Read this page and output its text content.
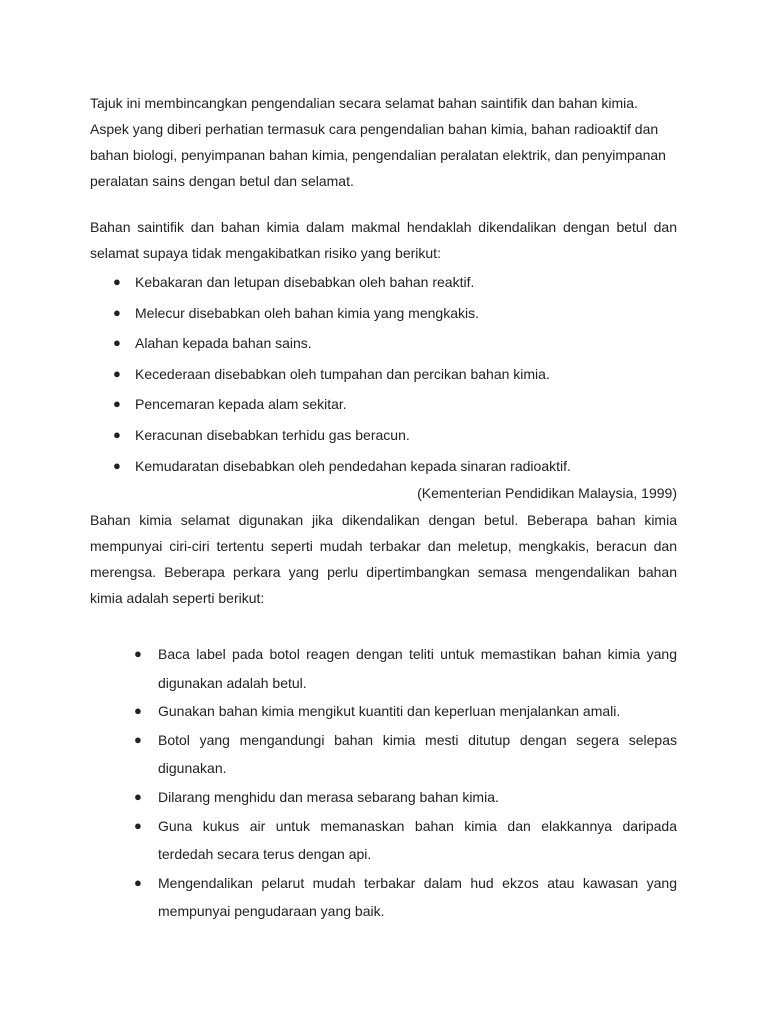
Tajuk ini membincangkan pengendalian secara selamat bahan saintifik dan bahan kimia. Aspek yang diberi perhatian termasuk cara pengendalian bahan kimia, bahan radioaktif dan bahan biologi, penyimpanan bahan kimia, pengendalian peralatan elektrik, dan penyimpanan peralatan sains dengan betul dan selamat.

Bahan saintifik dan bahan kimia dalam makmal hendaklah dikendalikan dengan betul dan selamat supaya tidak mengakibatkan risiko yang berikut:

● Kebakaran dan letupan disebabkan oleh bahan reaktif.
● Melecur disebabkan oleh bahan kimia yang mengkakis.
● Alahan kepada bahan sains.
● Kecederaan disebabkan oleh tumpahan dan percikan bahan kimia.
● Pencemaran kepada alam sekitar.
● Keracunan disebabkan terhidu gas beracun.
● Kemudaratan disebabkan oleh pendedahan kepada sinaran radioaktif.

(Kementerian Pendidikan Malaysia, 1999)

Bahan kimia selamat digunakan jika dikendalikan dengan betul. Beberapa bahan kimia mempunyai ciri-ciri tertentu seperti mudah terbakar dan meletup, mengkakis, beracun dan merengsa. Beberapa perkara yang perlu dipertimbangkan semasa mengendalikan bahan kimia adalah seperti berikut:

● Baca label pada botol reagen dengan teliti untuk memastikan bahan kimia yang digunakan adalah betul.
● Gunakan bahan kimia mengikut kuantiti dan keperluan menjalankan amali.
● Botol yang mengandungi bahan kimia mesti ditutup dengan segera selepas digunakan.
● Dilarang menghidu dan merasa sebarang bahan kimia.
● Guna kukus air untuk memanaskan bahan kimia dan elakkannya daripada terdedah secara terus dengan api.
● Mengendalikan pelarut mudah terbakar dalam hud ekzos atau kawasan yang mempunyai pengudaraan yang baik.
